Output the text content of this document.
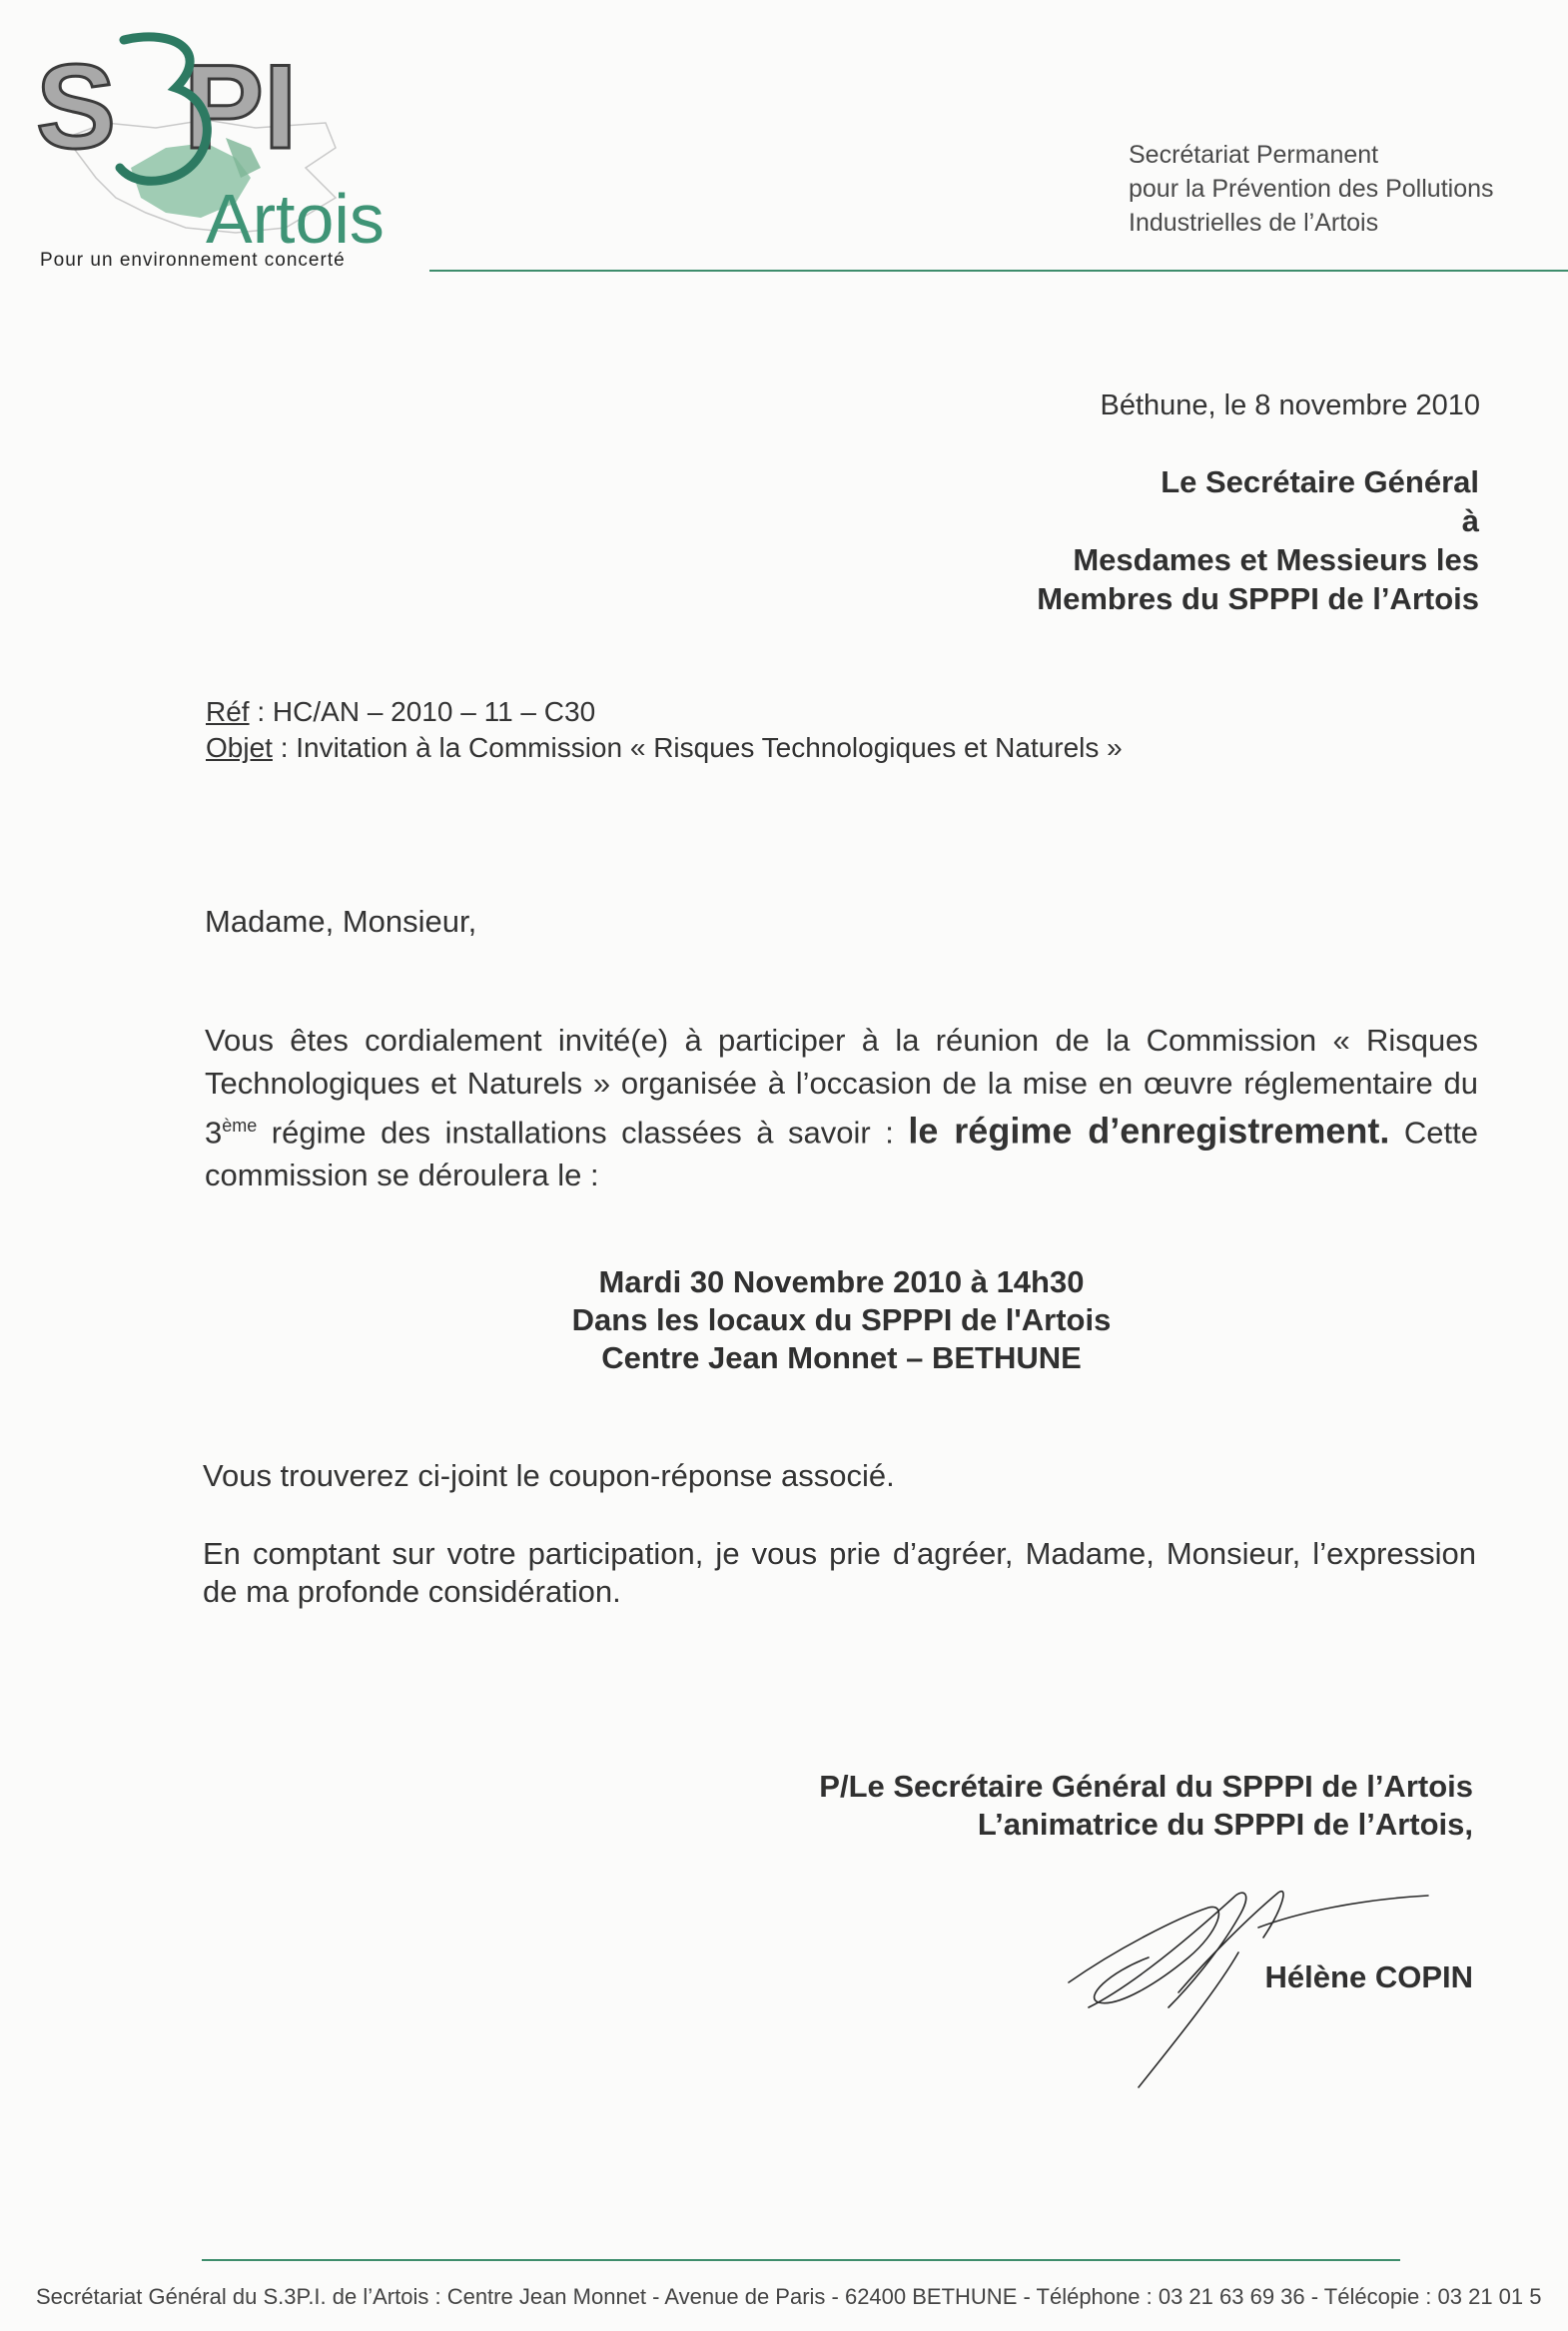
S PI
Artois
Pour un environnement concerté
Secrétariat Permanent
pour la Prévention des Pollutions
Industrielles de l’Artois
Béthune, le 8 novembre 2010
Le Secrétaire Général
à
Mesdames et Messieurs les
Membres du SPPPI de l’Artois
Réf : HC/AN – 2010 – 11 – C30
Objet : Invitation à la Commission « Risques Technologiques et Naturels »
Madame, Monsieur,
Vous êtes cordialement invité(e) à participer à la réunion de la Commission « Risques Technologiques et Naturels » organisée à l’occasion de la mise en œuvre réglementaire du 3ème régime des installations classées à savoir : le régime d’enregistrement. Cette commission se déroulera le :
Mardi 30 Novembre 2010 à 14h30
Dans les locaux du SPPPI de l'Artois
Centre Jean Monnet – BETHUNE
Vous trouverez ci-joint le coupon-réponse associé.
En comptant sur votre participation, je vous prie d’agréer, Madame, Monsieur, l’expression de ma profonde considération.
P/Le Secrétaire Général du SPPPI de l’Artois
L’animatrice du SPPPI de l’Artois,
Hélène COPIN
Secrétariat Général du S.3P.I. de l’Artois : Centre Jean Monnet - Avenue de Paris - 62400 BETHUNE - Téléphone : 03 21 63 69 36 - Télécopie : 03 21 01 5
